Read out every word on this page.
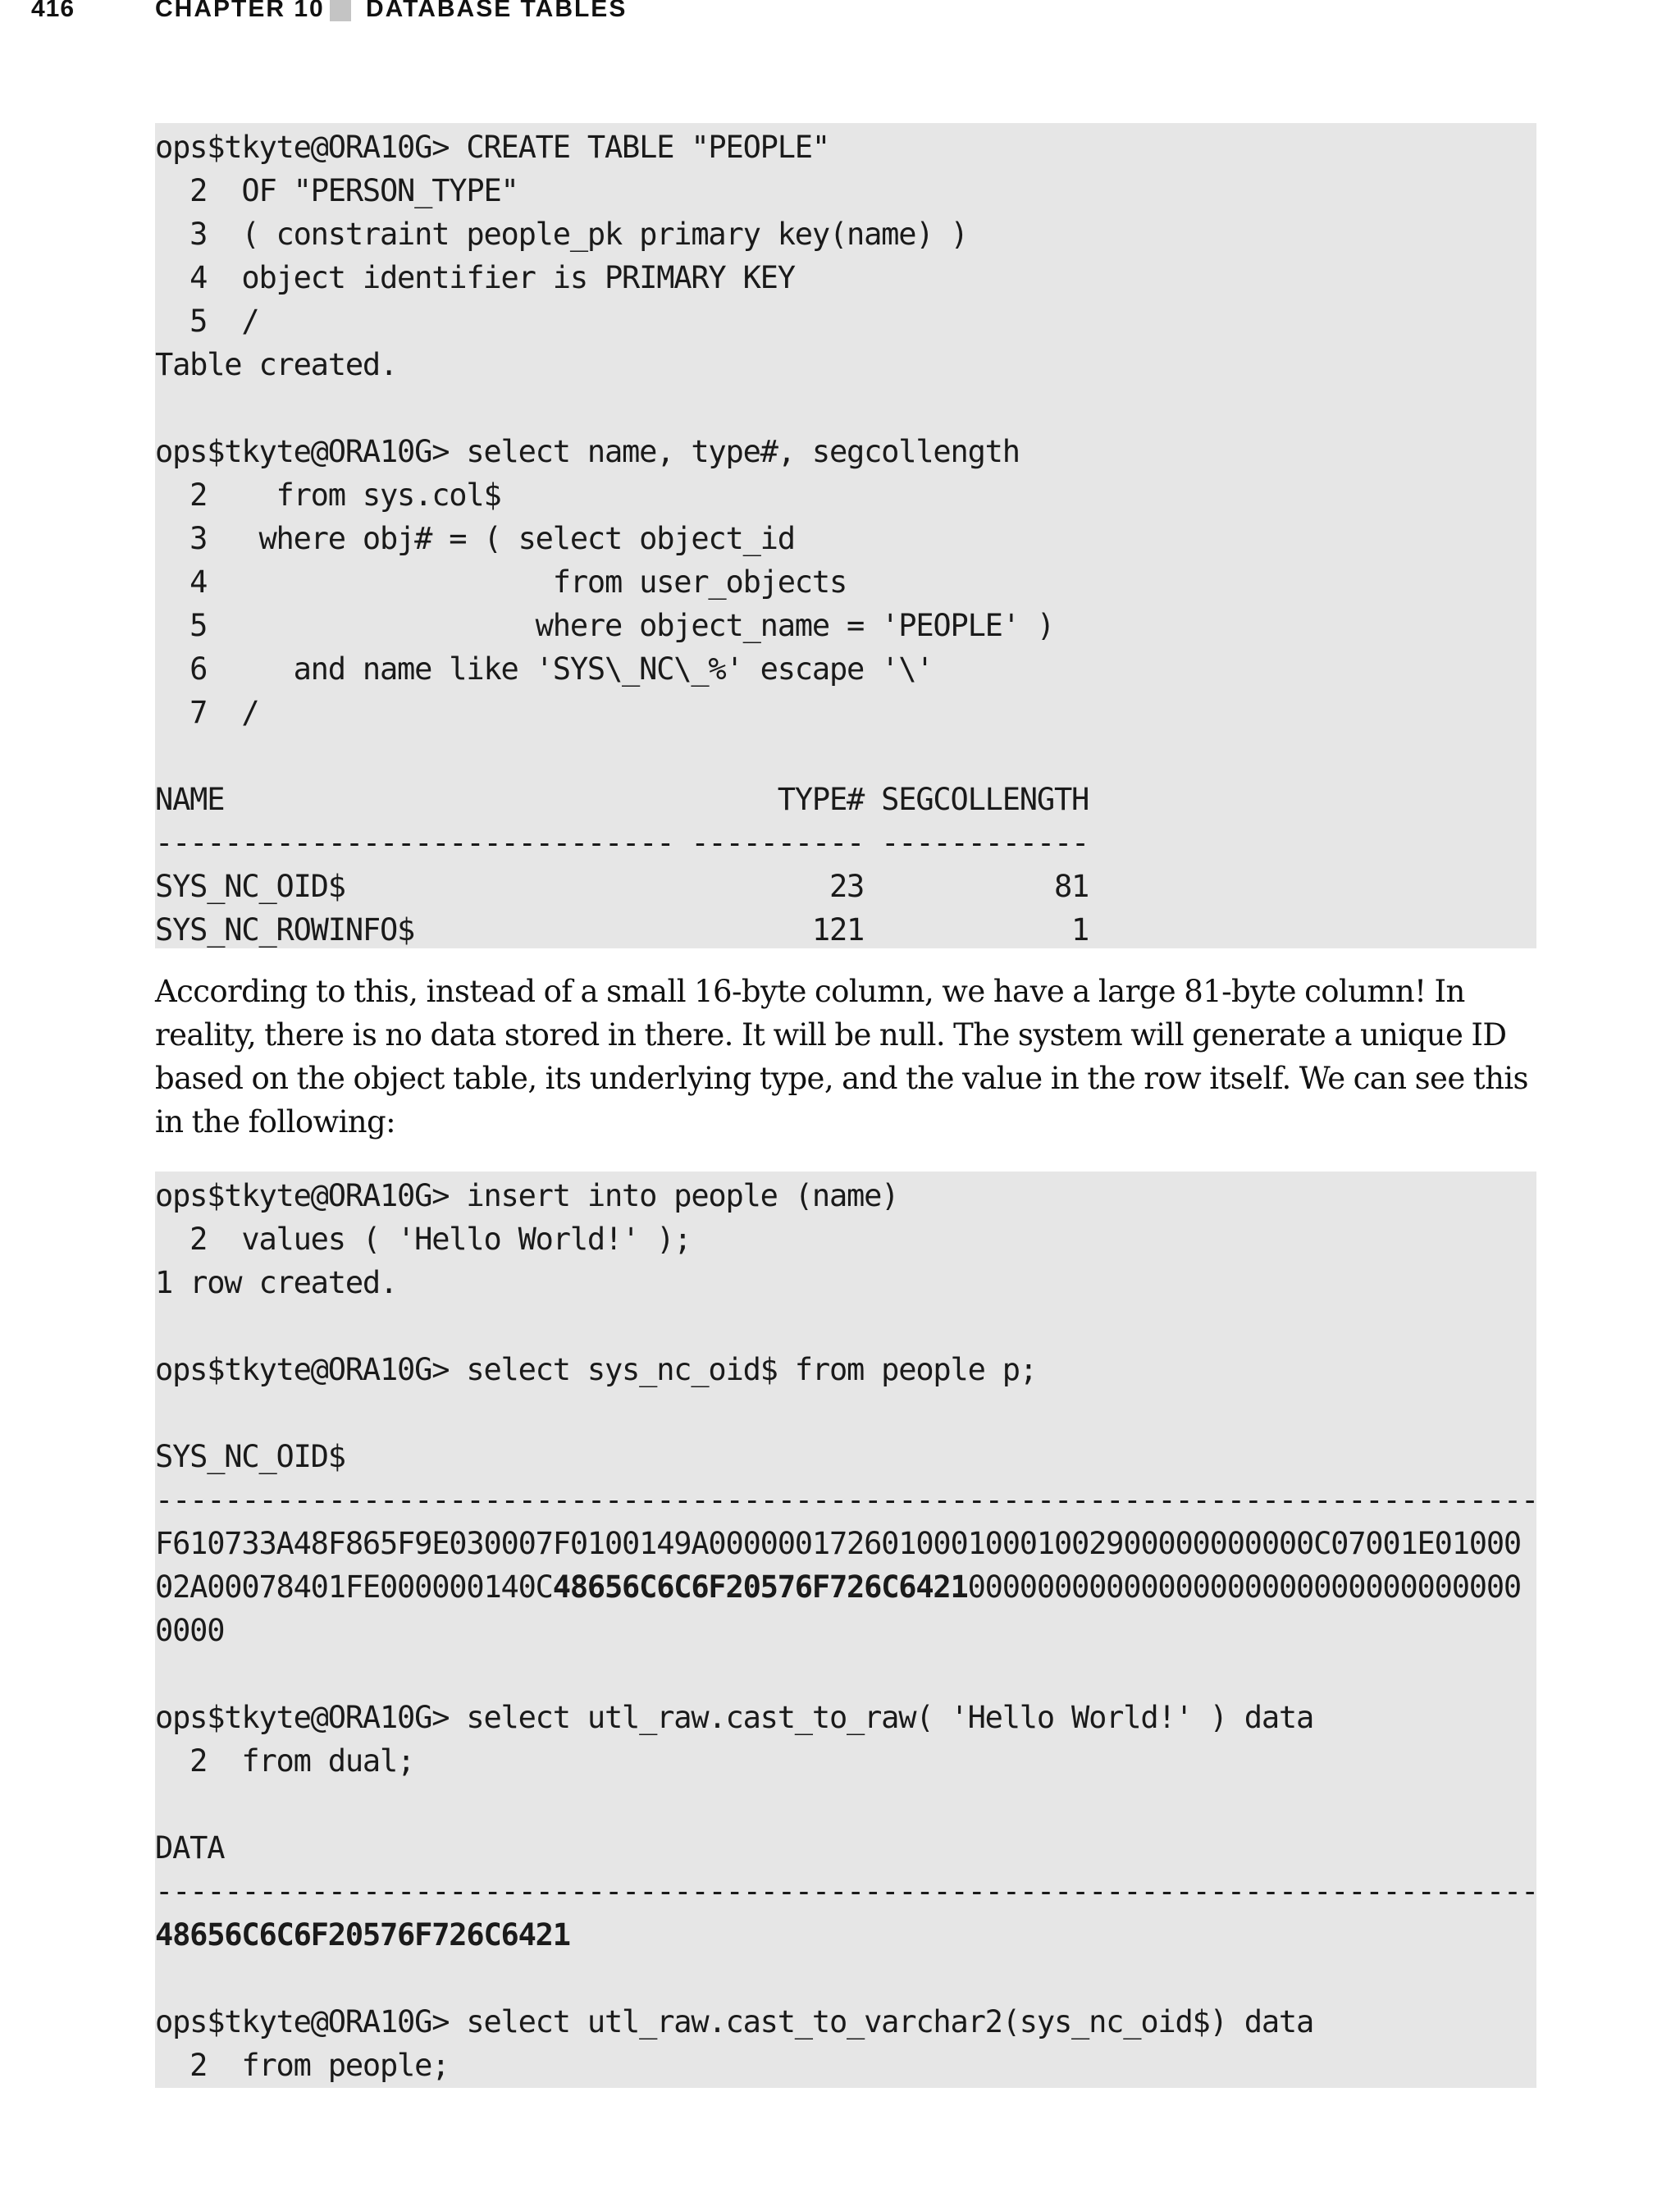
416	CHAPTER 10 DATABASE TABLES
ops$tkyte@ORA10G> CREATE TABLE "PEOPLE"
2  OF "PERSON_TYPE"
3  ( constraint people_pk primary key(name) )
4  object identifier is PRIMARY KEY
5  /
Table created.
ops$tkyte@ORA10G> select name, type#, segcollength
2    from sys.col$
3   where obj# = ( select object_id
4                    from user_objects
5                   where object_name = 'PEOPLE' )
6     and name like 'SYS\_NC\_%' escape '\'
7  /
NAME                                TYPE# SEGCOLLENGTH
------------------------------ ---------- ------------
SYS_NC_OID$                            23           81
SYS_NC_ROWINFO$                       121            1

According to this, instead of a small 16-byte column, we have a large 81-byte column! In reality, there is no data stored in there. It will be null. The system will generate a unique ID based on the object table, its underlying type, and the value in the row itself. We can see this in the following:

ops$tkyte@ORA10G> insert into people (name)
2  values ( 'Hello World!' );
1 row created.
ops$tkyte@ORA10G> select sys_nc_oid$ from people p;
SYS_NC_OID$
--------------------------------------------------------------------------------
F610733A48F865F9E030007F0100149A00000017260100010001002900000000000C07001E01000
02A00078401FE000000140C48656C6C6F20576F726C642100000000000000000000000000000000
0000
ops$tkyte@ORA10G> select utl_raw.cast_to_raw( 'Hello World!' ) data
2  from dual;
DATA
--------------------------------------------------------------------------------
48656C6C6F20576F726C6421
ops$tkyte@ORA10G> select utl_raw.cast_to_varchar2(sys_nc_oid$) data
2  from people;
